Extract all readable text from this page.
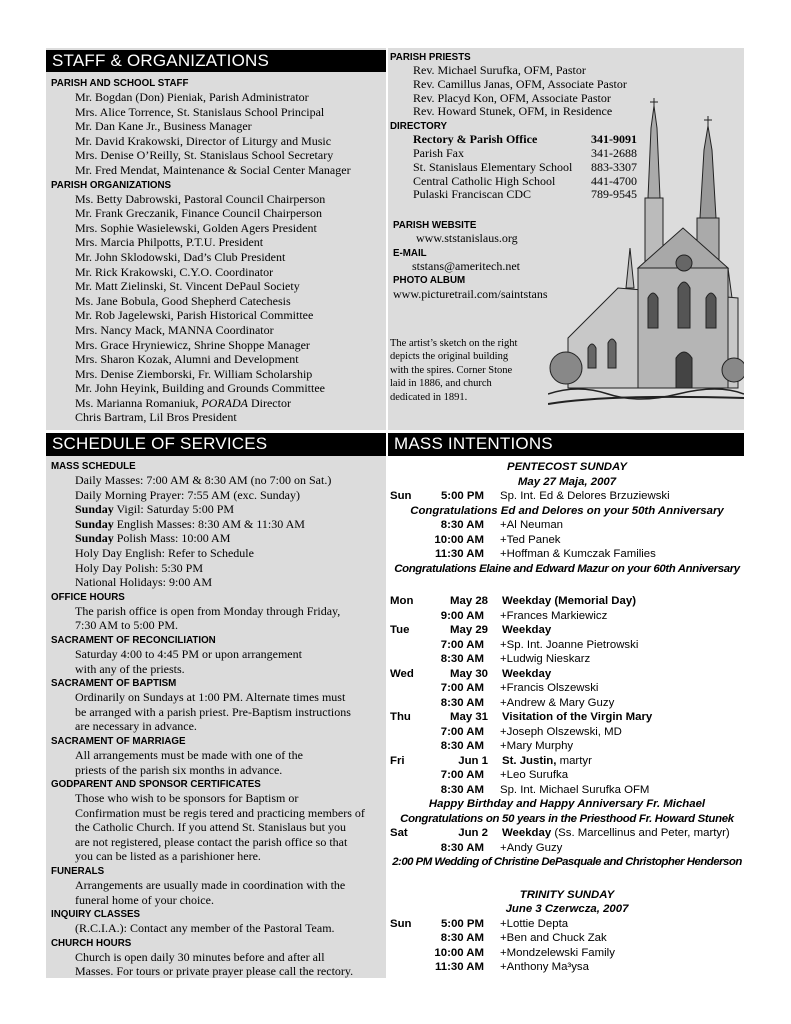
STAFF & ORGANIZATIONS
SCHEDULE OF SERVICES	MASS INTENTIONS
PARISH AND SCHOOL STAFF
Mr. Bogdan (Don) Pieniak, Parish Administrator
Mrs. Alice Torrence, St. Stanislaus School Principal
Mr. Dan Kane Jr., Business Manager
Mr. David Krakowski, Director of Liturgy and Music
Mrs. Denise O’Reilly, St. Stanislaus School Secretary
Mr. Fred Mendat, Maintenance & Social Center Manager
PARISH ORGANIZATIONS
Ms. Betty Dabrowski, Pastoral Council Chairperson
Mr. Frank Greczanik, Finance Council Chairperson
Mrs. Sophie Wasielewski, Golden Agers President
Mrs. Marcia Philpotts, P.T.U. President
Mr. John Sklodowski, Dad’s Club President
Mr. Rick Krakowski, C.Y.O. Coordinator
Mr. Matt Zielinski, St. Vincent DePaul Society
Ms. Jane Bobula, Good Shepherd Catechesis
Mr. Rob Jagelewski, Parish Historical Committee
Mrs. Nancy Mack, MANNA Coordinator
Mrs. Grace Hryniewicz, Shrine Shoppe Manager
Mrs. Sharon Kozak, Alumni and Development
Mrs. Denise Ziemborski, Fr. William Scholarship
Mr. John Heyink, Building and Grounds Committee
Ms. Marianna Romaniuk, PORADA Director
Chris Bartram, Lil Bros President
PARISH PRIESTS
Rev. Michael Surufka, OFM, Pastor
Rev. Camillus Janas, OFM, Associate Pastor
Rev. Placyd Kon, OFM, Associate Pastor
Rev. Howard Stunek, OFM, in Residence
DIRECTORY
Rectory & Parish Office	341-9091
Parish Fax	341-2688
St. Stanislaus Elementary School	883-3307
Central Catholic High School	441-4700
Pulaski Franciscan CDC	789-9545
PARISH WEBSITE
www.ststanislaus.org
E-MAIL
ststans@ameritech.net
PHOTO ALBUM
www.picturetrail.com/saintstans
The artist’s sketch on the right
depicts the original building
with the spires. Corner Stone
laid in 1886, and church
dedicated in 1891.
MASS SCHEDULE
Daily Masses: 7:00 AM & 8:30 AM (no 7:00 on Sat.)
Daily Morning Prayer: 7:55 AM (exc. Sunday)
Sunday Vigil: Saturday 5:00 PM
Sunday English Masses: 8:30 AM & 11:30 AM
Sunday Polish Mass: 10:00 AM
Holy Day English: Refer to Schedule
Holy Day Polish: 5:30 PM
National Holidays: 9:00 AM
OFFICE HOURS
The parish office is open from Monday through Friday,
7:30 AM to 5:00 PM.
SACRAMENT OF RECONCILIATION
Saturday 4:00 to 4:45 PM or upon arrangement
with any of the priests.
SACRAMENT OF BAPTISM
Ordinarily on Sundays at 1:00 PM. Alternate times must
be arranged with a parish priest. Pre-Baptism instructions
are necessary in advance.
SACRAMENT OF MARRIAGE
All arrangements must be made with one of the
priests of the parish six months in advance.
GODPARENT AND SPONSOR CERTIFICATES
Those who wish to be sponsors for Baptism or
Confirmation must be regis tered and practicing members of
the Catholic Church. If you attend St. Stanislaus but you
are not registered, please contact the parish office so that
you can be listed as a parishioner here.
FUNERALS
Arrangements are usually made in coordination with the
funeral home of your choice.
INQUIRY CLASSES
(R.C.I.A.): Contact any member of the Pastoral Team.
CHURCH HOURS
Church is open daily 30 minutes before and after all
Masses. For tours or private prayer please call the rectory.
PENTECOST SUNDAY
May 27 Maja, 2007
Sun	5:00 PM	Sp. Int. Ed & Delores Brzuziewski
Congratulations Ed and Delores on your 50th Anniversary
8:30 AM	+Al Neuman
10:00 AM	+Ted Panek
11:30 AM	+Hoffman & Kumczak Families
Congratulations Elaine and Edward Mazur on your 60th Anniversary
Mon	May 28	Weekday (Memorial Day)
9:00 AM	+Frances Markiewicz
Tue	May 29	Weekday
7:00 AM	+Sp. Int. Joanne Pietrowski
8:30 AM	+Ludwig Nieskarz
Wed	May 30	Weekday
7:00 AM	+Francis Olszewski
8:30 AM	+Andrew & Mary Guzy
Thu	May 31	Visitation of the Virgin Mary
7:00 AM	+Joseph Olszewski, MD
8:30 AM	+Mary Murphy
Fri	Jun 1	St. Justin, martyr
7:00 AM	+Leo Surufka
8:30 AM	Sp. Int. Michael Surufka OFM
Happy Birthday and Happy Anniversary Fr. Michael
Congratulations on 50 years in the Priesthood Fr. Howard Stunek
Sat	Jun 2	Weekday (Ss. Marcellinus and Peter, martyr)
8:30 AM	+Andy Guzy
2:00 PM Wedding of Christine DePasquale and Christopher Henderson
TRINITY SUNDAY
June 3 Czerwcza, 2007
Sun	5:00 PM	+Lottie Depta
8:30 AM	+Ben and Chuck Zak
10:00 AM	+Mondzelewski Family
11:30 AM	+Anthony Ma³ysa
